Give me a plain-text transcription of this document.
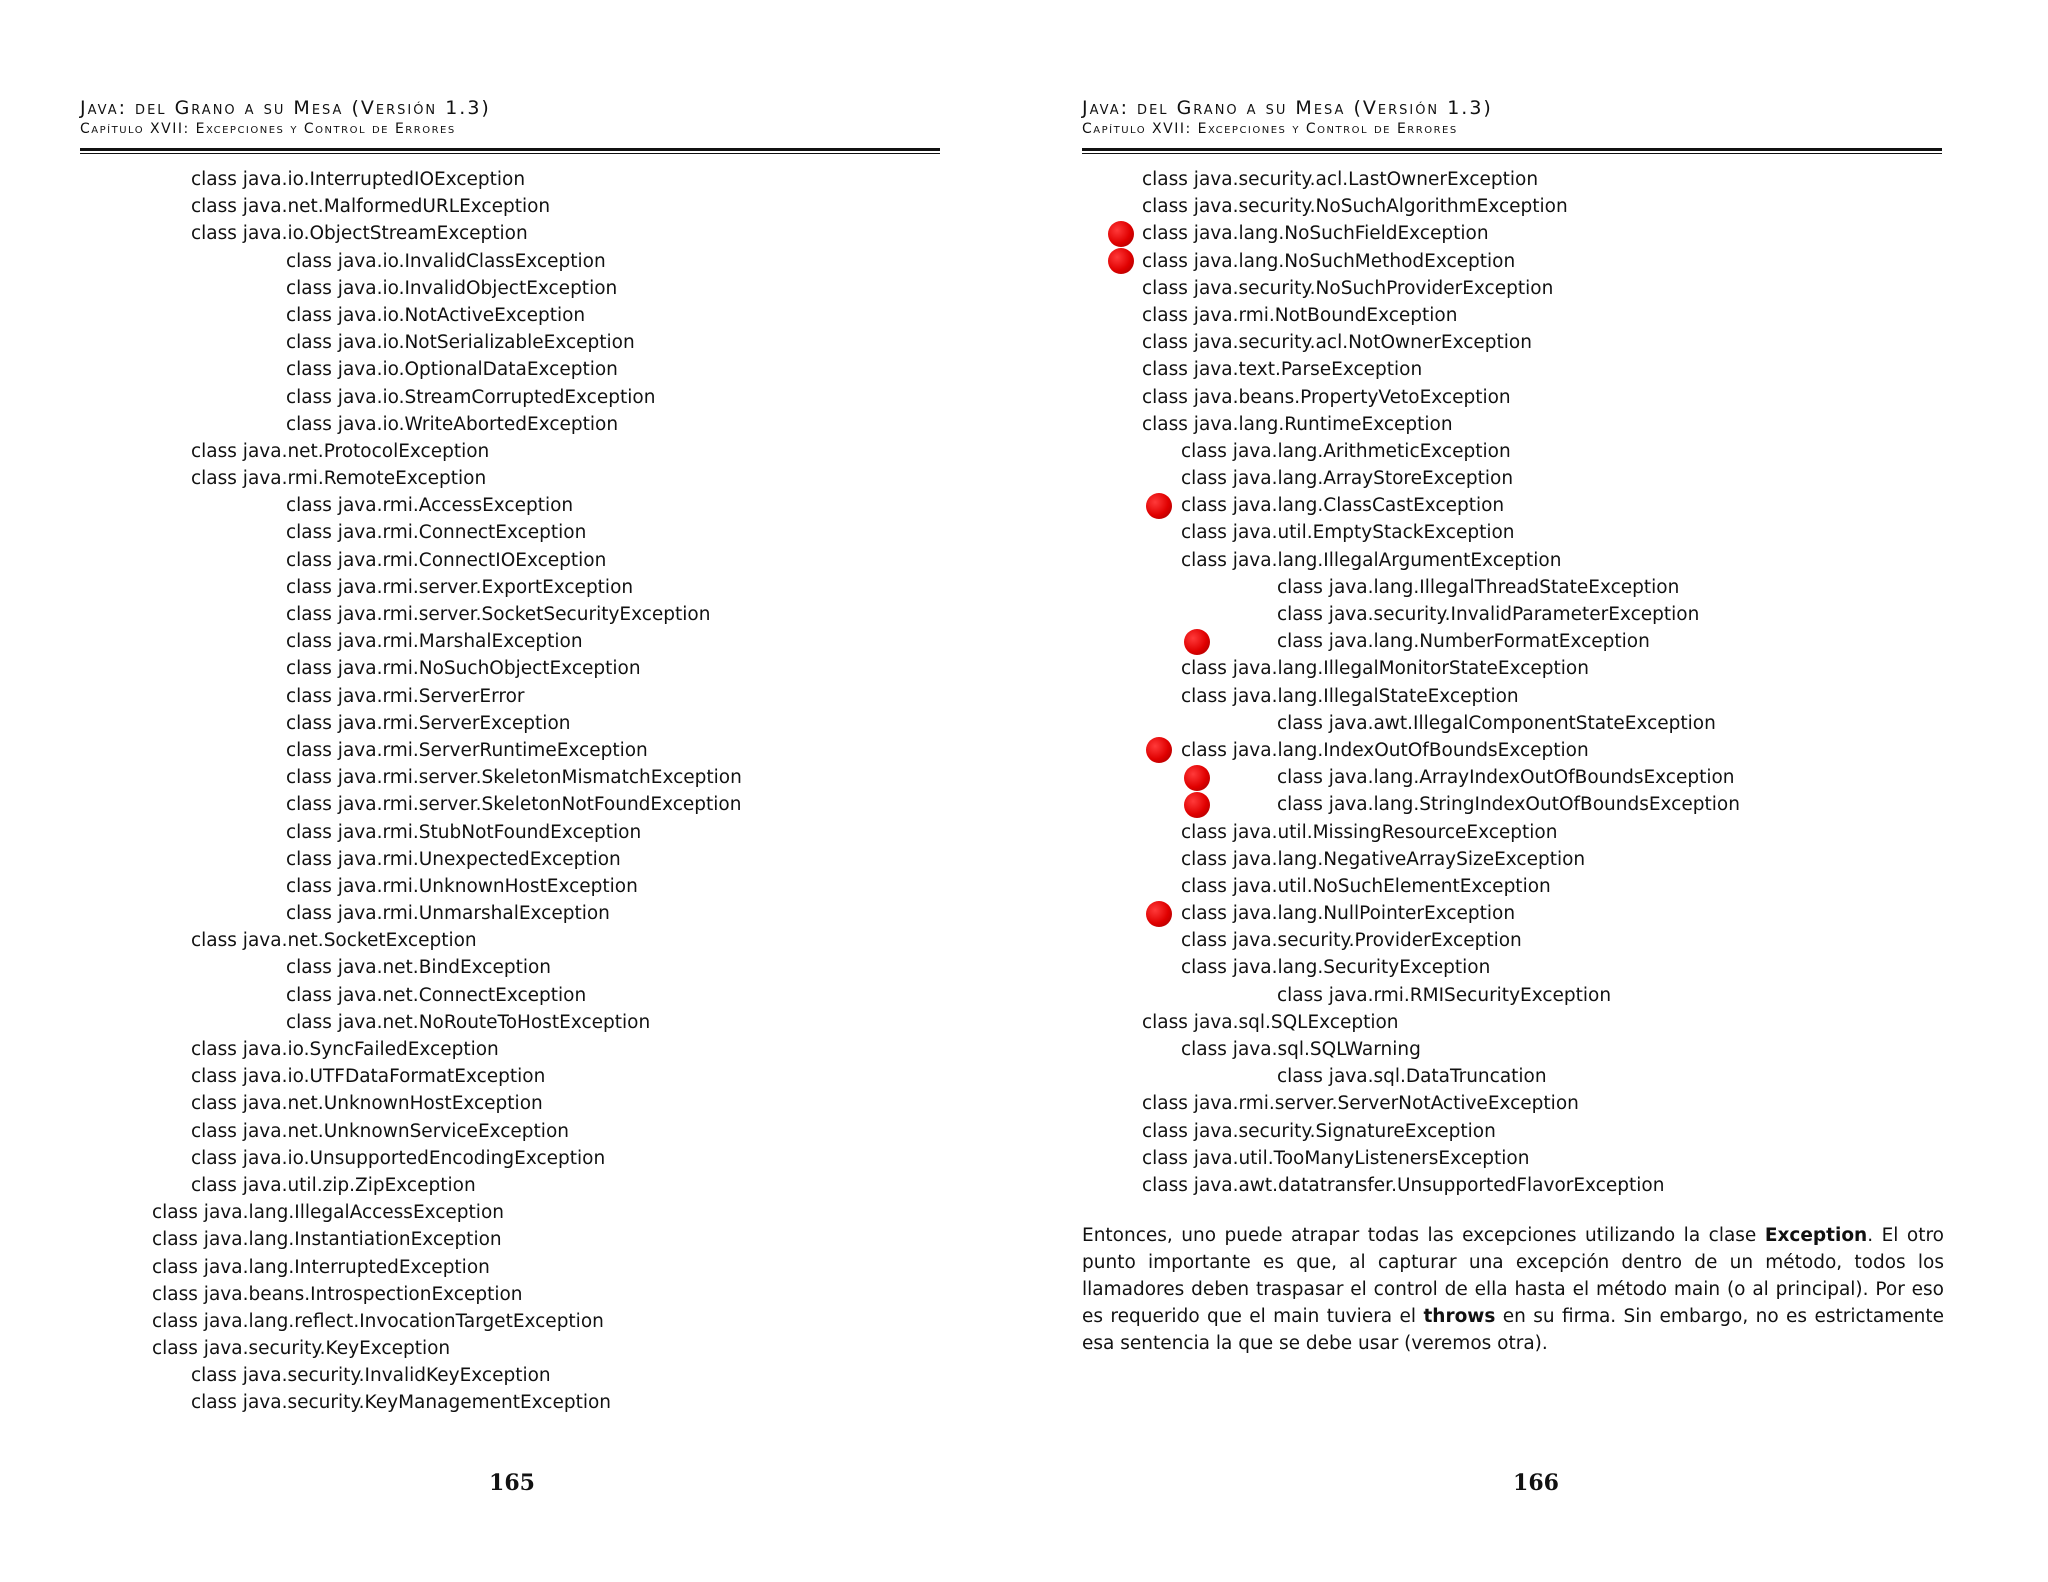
Java: del Grano a su Mesa (Versión 1.3)
Capítulo XVII: Excepciones y Control de Errores
class java.io.InterruptedIOException
class java.net.MalformedURLException
class java.io.ObjectStreamException
class java.io.InvalidClassException
class java.io.InvalidObjectException
class java.io.NotActiveException
class java.io.NotSerializableException
class java.io.OptionalDataException
class java.io.StreamCorruptedException
class java.io.WriteAbortedException
class java.net.ProtocolException
class java.rmi.RemoteException
class java.rmi.AccessException
class java.rmi.ConnectException
class java.rmi.ConnectIOException
class java.rmi.server.ExportException
class java.rmi.server.SocketSecurityException
class java.rmi.MarshalException
class java.rmi.NoSuchObjectException
class java.rmi.ServerError
class java.rmi.ServerException
class java.rmi.ServerRuntimeException
class java.rmi.server.SkeletonMismatchException
class java.rmi.server.SkeletonNotFoundException
class java.rmi.StubNotFoundException
class java.rmi.UnexpectedException
class java.rmi.UnknownHostException
class java.rmi.UnmarshalException
class java.net.SocketException
class java.net.BindException
class java.net.ConnectException
class java.net.NoRouteToHostException
class java.io.SyncFailedException
class java.io.UTFDataFormatException
class java.net.UnknownHostException
class java.net.UnknownServiceException
class java.io.UnsupportedEncodingException
class java.util.zip.ZipException
class java.lang.IllegalAccessException
class java.lang.InstantiationException
class java.lang.InterruptedException
class java.beans.IntrospectionException
class java.lang.reflect.InvocationTargetException
class java.security.KeyException
class java.security.InvalidKeyException
class java.security.KeyManagementException
165
Java: del Grano a su Mesa (Versión 1.3)
Capítulo XVII: Excepciones y Control de Errores
class java.security.acl.LastOwnerException
class java.security.NoSuchAlgorithmException
class java.lang.NoSuchFieldException
class java.lang.NoSuchMethodException
class java.security.NoSuchProviderException
class java.rmi.NotBoundException
class java.security.acl.NotOwnerException
class java.text.ParseException
class java.beans.PropertyVetoException
class java.lang.RuntimeException
class java.lang.ArithmeticException
class java.lang.ArrayStoreException
class java.lang.ClassCastException
class java.util.EmptyStackException
class java.lang.IllegalArgumentException
class java.lang.IllegalThreadStateException
class java.security.InvalidParameterException
class java.lang.NumberFormatException
class java.lang.IllegalMonitorStateException
class java.lang.IllegalStateException
class java.awt.IllegalComponentStateException
class java.lang.IndexOutOfBoundsException
class java.lang.ArrayIndexOutOfBoundsException
class java.lang.StringIndexOutOfBoundsException
class java.util.MissingResourceException
class java.lang.NegativeArraySizeException
class java.util.NoSuchElementException
class java.lang.NullPointerException
class java.security.ProviderException
class java.lang.SecurityException
class java.rmi.RMISecurityException
class java.sql.SQLException
class java.sql.SQLWarning
class java.sql.DataTruncation
class java.rmi.server.ServerNotActiveException
class java.security.SignatureException
class java.util.TooManyListenersException
class java.awt.datatransfer.UnsupportedFlavorException
Entonces, uno puede atrapar todas las excepciones utilizando la clase Exception. El otro punto importante es que, al capturar una excepción dentro de un método, todos los llamadores deben traspasar el control de ella hasta el método main (o al principal). Por eso es requerido que el main tuviera el throws en su firma. Sin embargo, no es estrictamente esa sentencia la que se debe usar (veremos otra).
166
